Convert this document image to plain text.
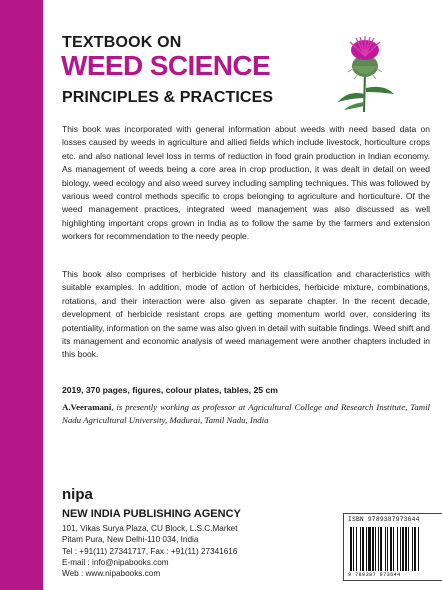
TEXTBOOK ON
WEED SCIENCE
PRINCIPLES & PRACTICES

This book was incorporated with general information about weeds with need based data on losses caused by weeds in agriculture and allied fields which include livestock, horticulture crops etc. and also national level loss in terms of reduction in food grain production in Indian economy. As management of weeds being a core area in crop production, it was dealt in detail on weed biology, weed ecology and also weed survey including sampling techniques. This was followed by various weed control methods specific to crops belonging to agriculture and horticulture. Of the weed management practices, integrated weed management was also discussed as well highlighting important crops grown in India as to follow the same by the farmers and extension workers for recommendation to the needy people.

This book also comprises of herbicide history and its classification and characteristics with suitable examples. In addition, mode of action of herbicides, herbicide mixture, combinations, rotations, and their interaction were also given as separate chapter. In the recent decade, development of herbicide resistant crops are getting momentum world over, considering its potentiality, information on the same was also given in detail with suitable findings. Weed shift and its management and economic analysis of weed management were another chapters included in this book.

2019, 370 pages, figures, colour plates, tables, 25 cm

A.Veeramani, is presently working as professor at Agricultural College and Research Institute, Tamil Nadu Agricultural University, Madurai, Tamil Nadu, India

nipa
NEW INDIA PUBLISHING AGENCY
101, Vikas Surya Plaza, CU Block, L.S.C.Market
Pitam Pura, New Delhi-110 034, India
Tel : +91(11) 27341717, Fax : +91(11) 27341616
E-mail : info@nipabooks.com
Web : www.nipabooks.com
ISBN 9789387973644
9 789387 973644
